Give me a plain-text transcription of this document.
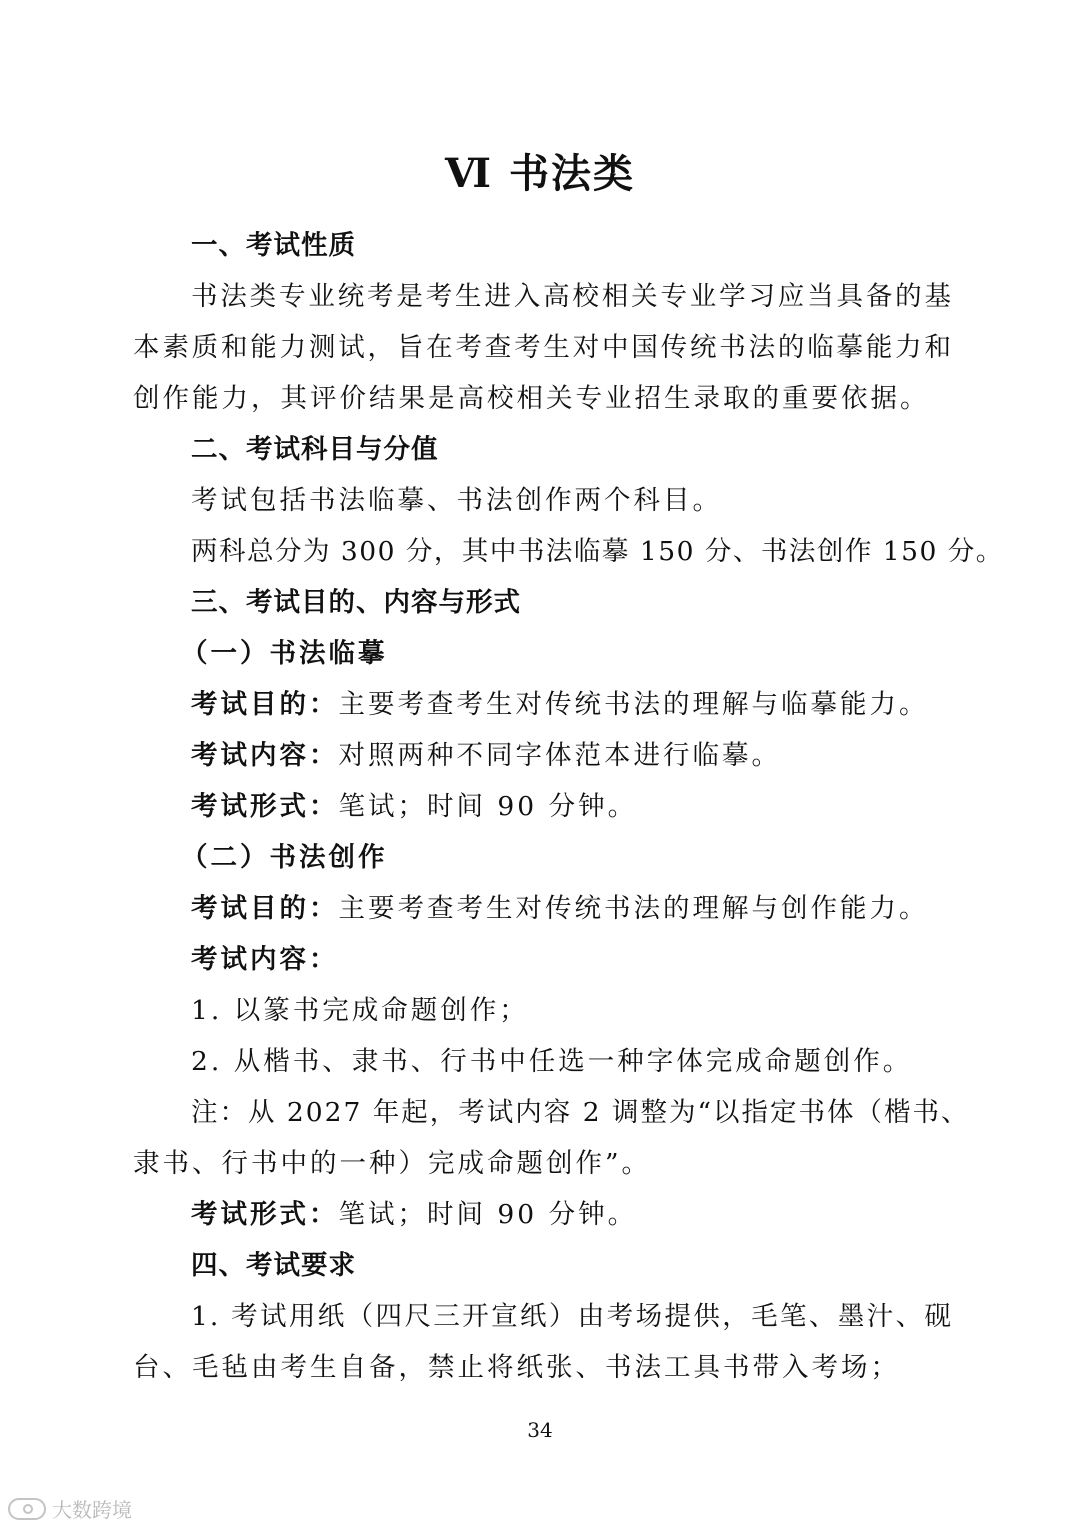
Ⅵ 书法类
一、考试性质
书法类专业统考是考生进入高校相关专业学习应当具备的基
本素质和能力测试，旨在考查考生对中国传统书法的临摹能力和
创作能力，其评价结果是高校相关专业招生录取的重要依据。
二、考试科目与分值
考试包括书法临摹、书法创作两个科目。
两科总分为 300 分，其中书法临摹 150 分、书法创作 150 分。
三、考试目的、内容与形式
（一）书法临摹
考试目的：主要考查考生对传统书法的理解与临摹能力。
考试内容：对照两种不同字体范本进行临摹。
考试形式：笔试；时间 90 分钟。
（二）书法创作
考试目的：主要考查考生对传统书法的理解与创作能力。
考试内容：
1. 以篆书完成命题创作；
2. 从楷书、隶书、行书中任选一种字体完成命题创作。
注：从 2027 年起，考试内容 2 调整为“以指定书体（楷书、
隶书、行书中的一种）完成命题创作”。
考试形式：笔试；时间 90 分钟。
四、考试要求
1. 考试用纸（四尺三开宣纸）由考场提供，毛笔、墨汁、砚
台、毛毡由考生自备，禁止将纸张、书法工具书带入考场；
34
大数跨境
